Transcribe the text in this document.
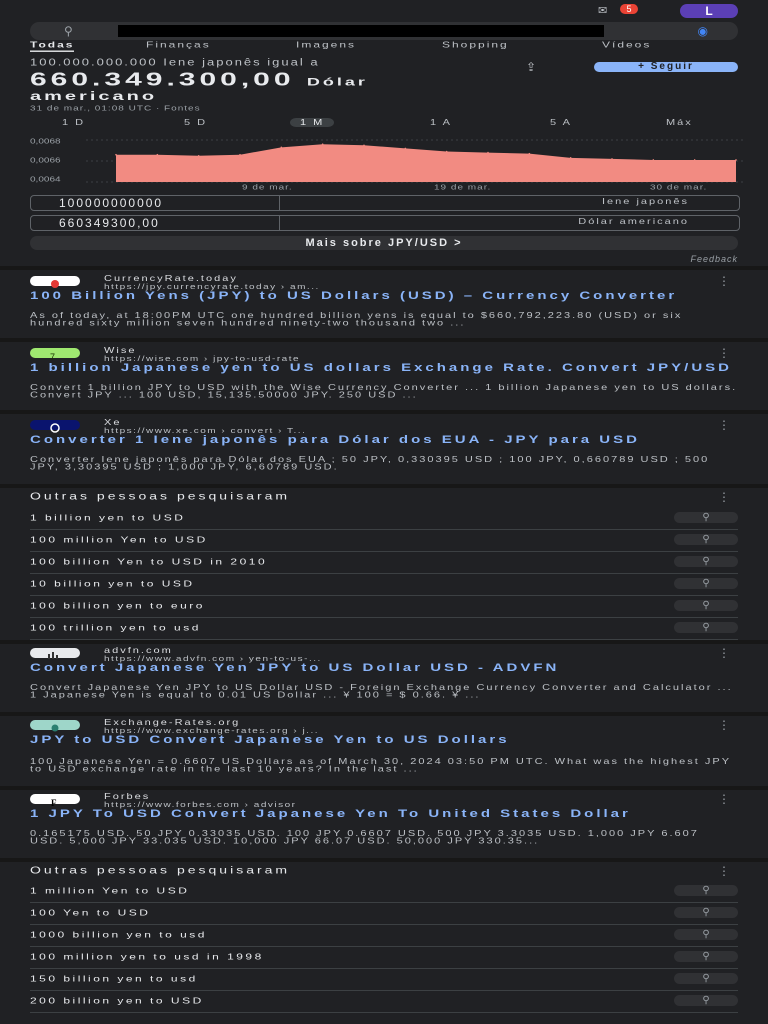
✉	5	L
⚲	◉
Todas	Finanças	Imagens	Shopping	Vídeos
100.000.000.000 Iene japonês igual a
660.349.300,00 Dólar
americano
⇪	+ Seguir
31 de mar., 01:08 UTC · Fontes
1 D	5 D	1 M	1 A	5 A	Máx
0,0068
0,0066
0,0064
9 de mar.	19 de mar.	30 de mar.
100000000000
Iene japonês
660349300,00
Dólar americano
Mais sobre JPY/USD >
Feedback
CurrencyRate.today
https://jpy.currencyrate.today › am...	⋮
100 Billion Yens (JPY) to US Dollars (USD) – Currency Converter
As of today, at 18:00PM UTC one hundred billion yens is equal to $660,792,223.80 (USD) or six hundred sixty million seven hundred ninety-two thousand two ...
7
Wise
https://wise.com › jpy-to-usd-rate	⋮
1 billion Japanese yen to US dollars Exchange Rate. Convert JPY/USD
Convert 1 billion JPY to USD with the Wise Currency Converter ... 1 billion Japanese yen to US dollars. Convert JPY ... 100 USD, 15,135.50000 JPY. 250 USD ...
Xe
https://www.xe.com › convert › T...	⋮
Converter 1 Iene japonês para Dólar dos EUA - JPY para USD
Converter Iene japonês para Dólar dos EUA ; 50 JPY, 0,330395 USD ; 100 JPY, 0,660789 USD ; 500 JPY, 3,30395 USD ; 1,000 JPY, 6,60789 USD.
Outras pessoas pesquisaram	⋮
1 billion yen to USD	⚲
100 million Yen to USD	⚲
100 billion Yen to USD in 2010	⚲
10 billion yen to USD	⚲
100 billion yen to euro	⚲
100 trillion yen to usd	⚲
advfn.com
https://www.advfn.com › yen-to-us-...	⋮
Convert Japanese Yen JPY to US Dollar USD - ADVFN
Convert Japanese Yen JPY to US Dollar USD - Foreign Exchange Currency Converter and Calculator ... 1 Japanese Yen is equal to 0.01 US Dollar ... ¥ 100 = $ 0.66. ¥ ...
Exchange-Rates.org
https://www.exchange-rates.org › j...	⋮
JPY to USD Convert Japanese Yen to US Dollars
100 Japanese Yen = 0.6607 US Dollars as of March 30, 2024 03:50 PM UTC. What was the highest JPY to USD exchange rate in the last 10 years? In the last ...
F
Forbes
https://www.forbes.com › advisor	⋮
1 JPY To USD Convert Japanese Yen To United States Dollar
0.165175 USD. 50 JPY 0.33035 USD. 100 JPY 0.6607 USD. 500 JPY 3.3035 USD. 1,000 JPY 6.607 USD. 5,000 JPY 33.035 USD. 10,000 JPY 66.07 USD. 50,000 JPY 330.35...
Outras pessoas pesquisaram	⋮
1 million Yen to USD	⚲
100 Yen to USD	⚲
1000 billion yen to usd	⚲
100 million yen to usd in 1998	⚲
150 billion yen to usd	⚲
200 billion yen to USD	⚲
